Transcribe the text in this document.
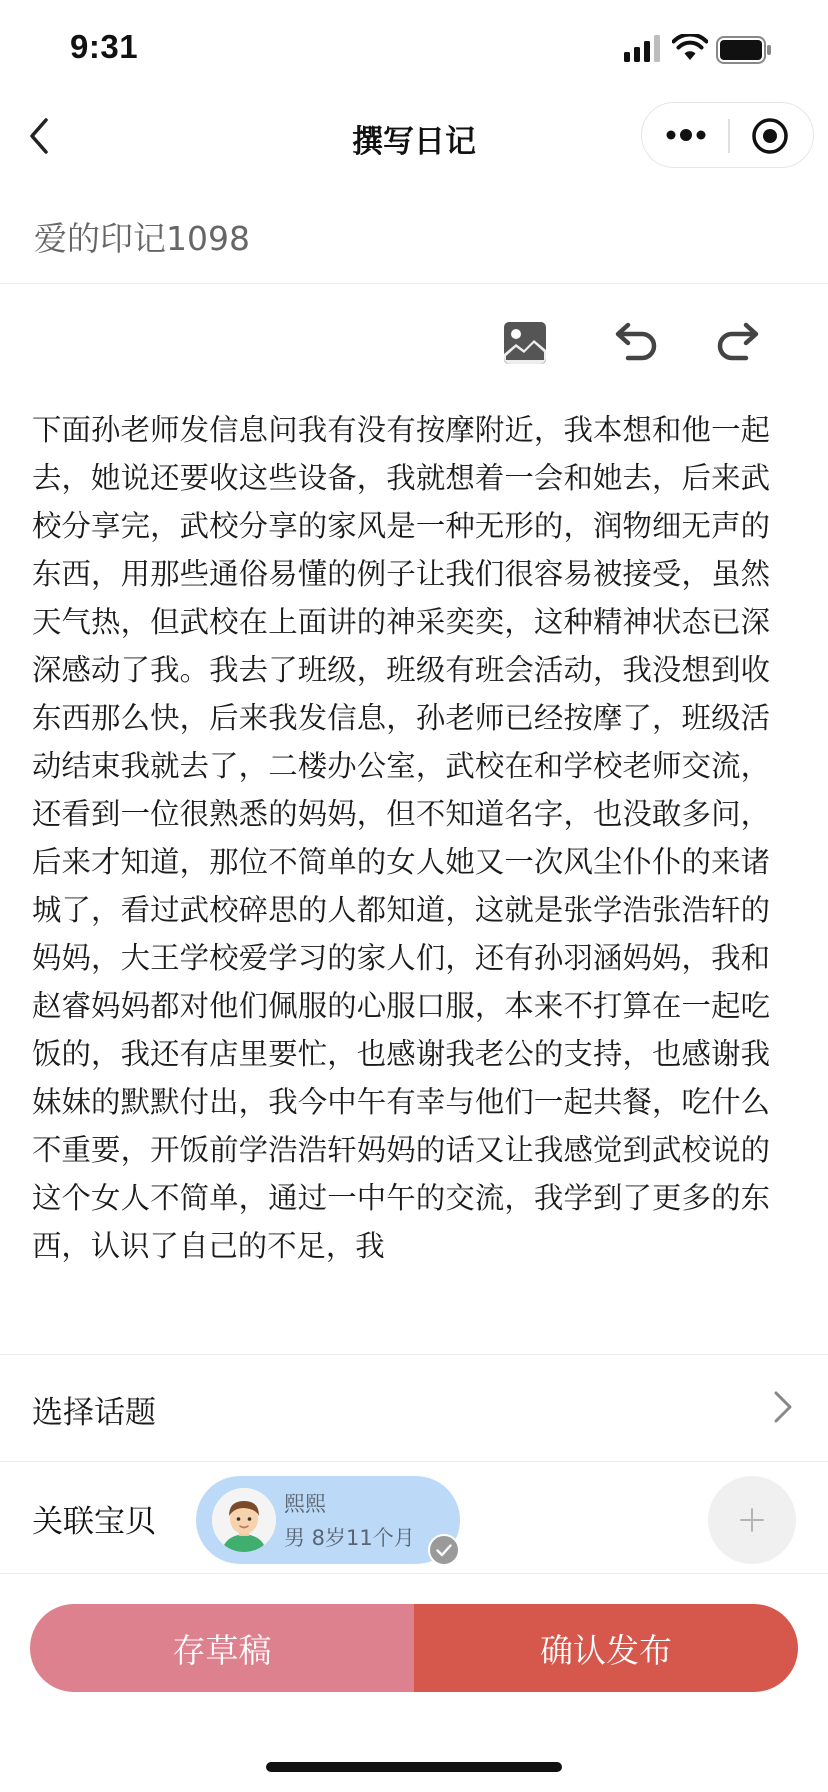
9:31
撰写日记
爱的印记1098
下面孙老师发信息问我有没有按摩附近，我本想和他一起去，她说还要收这些设备，我就想着一会和她去，后来武校分享完，武校分享的家风是一种无形的，润物细无声的东西，用那些通俗易懂的例子让我们很容易被接受，虽然天气热，但武校在上面讲的神采奕奕，这种精神状态已深深感动了我。我去了班级，班级有班会活动，我没想到收东西那么快，后来我发信息，孙老师已经按摩了，班级活动结束我就去了，二楼办公室，武校在和学校老师交流，还看到一位很熟悉的妈妈，但不知道名字，也没敢多问，后来才知道，那位不简单的女人她又一次风尘仆仆的来诸城了，看过武校碎思的人都知道，这就是张学浩张浩轩的妈妈，大王学校爱学习的家人们，还有孙羽涵妈妈，我和赵睿妈妈都对他们佩服的心服口服，本来不打算在一起吃饭的，我还有店里要忙，也感谢我老公的支持，也感谢我妹妹的默默付出，我今中午有幸与他们一起共餐，吃什么不重要，开饭前学浩浩轩妈妈的话又让我感觉到武校说的这个女人不简单，通过一中午的交流，我学到了更多的东西，认识了自己的不足，我
选择话题
关联宝贝	熙熙
男 8岁11个月
存草稿	确认发布
